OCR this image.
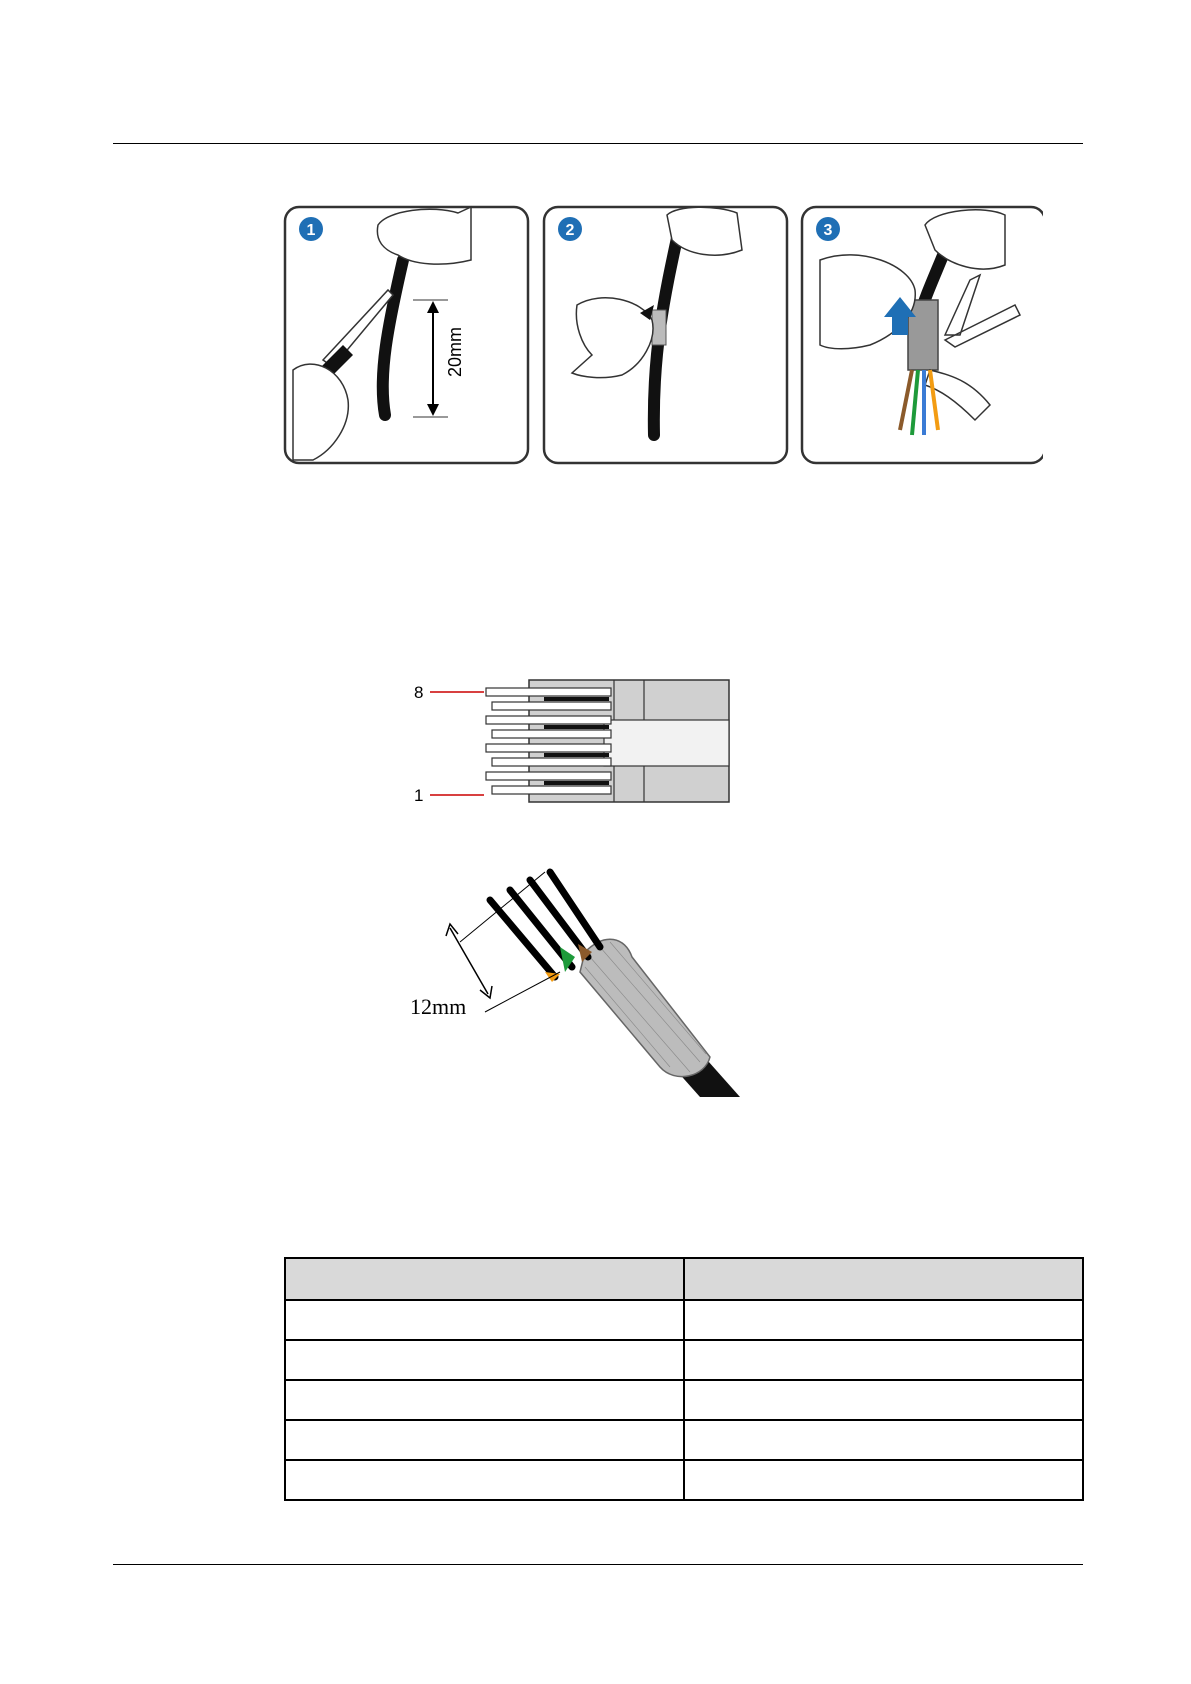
1
20mm
2	3
8
1
12mm
